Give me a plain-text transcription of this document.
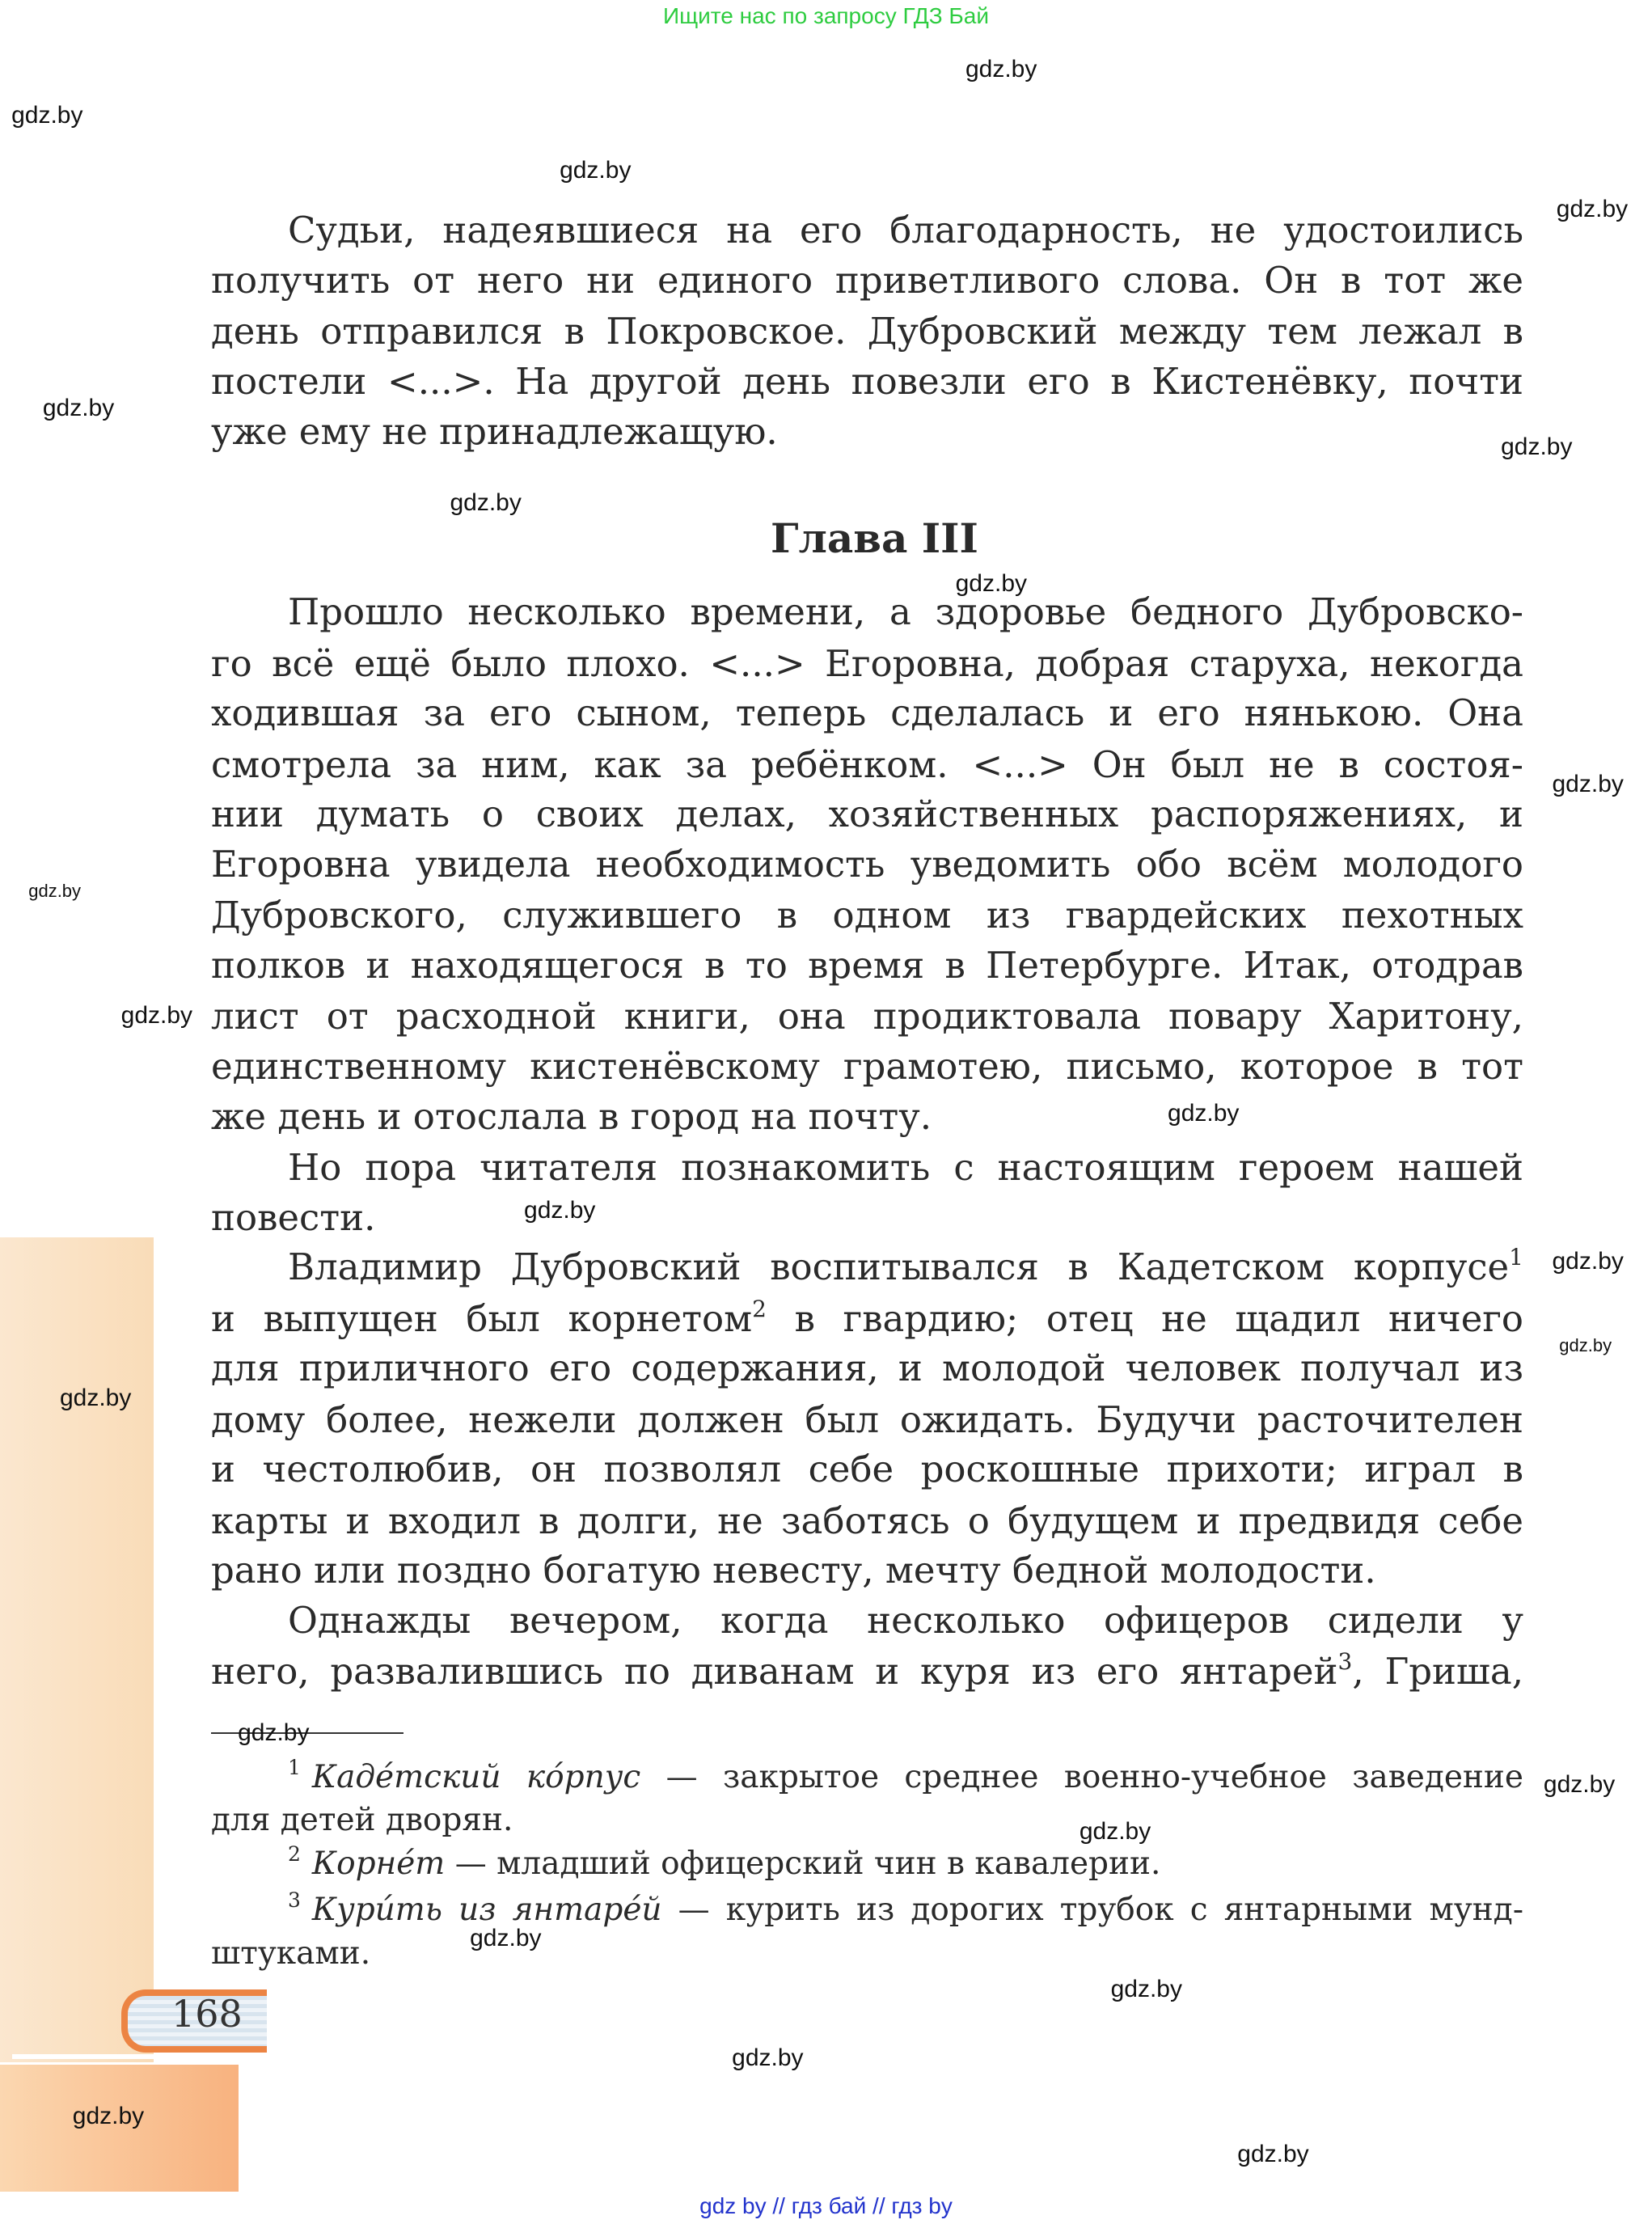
168
Ищите нас по запросу ГДЗ Бай
gdz by // гдз бай // гдз by
Глава III
Судьи, надеявшиеся на его благодарность, не удостоились
получить от него ни единого приветливого слова. Он в тот же
день отправился в Покровское. Дубровский между тем лежал в
постели <...>. На другой день повезли его в Кистенёвку, почти
уже ему не принадлежащую.
Прошло несколько времени, а здоровье бедного Дубровско-
го всё ещё было плохо. <...> Егоровна, добрая старуха, некогда
ходившая за его сыном, теперь сделалась и его нянькою. Она
смотрела за ним, как за ребёнком. <...> Он был не в состоя-
нии думать о своих делах, хозяйственных распоряжениях, и
Егоровна увидела необходимость уведомить обо всём молодого
Дубровского, служившего в одном из гвардейских пехотных
полков и находящегося в то время в Петербурге. Итак, отодрав
лист от расходной книги, она продиктовала повару Харитону,
единственному кистенёвскому грамотею, письмо, которое в тот
же день и отослала в город на почту.
Но пора читателя познакомить с настоящим героем нашей
повести.
Владимир Дубровский воспитывался в Кадетском корпусе$^1$
и выпущен был корнетом$^2$ в гвардию; отец не щадил ничего
для приличного его содержания, и молодой человек получал из
дому более, нежели должен был ожидать. Будучи расточителен
и честолюбив, он позволял себе роскошные прихоти; играл в
карты и входил в долги, не заботясь о будущем и предвидя себе
рано или поздно богатую невесту, мечту бедной молодости.
Однажды вечером, когда несколько офицеров сидели у
него, развалившись по диванам и куря из его янтарей$^3$, Гриша,
$^1$ Каде́тский ко́рпус — закрытое среднее военно-учебное заведение
для детей дворян.
$^2$ Корне́т — младший офицерский чин в кавалерии.
$^3$ Кури́ть из янтаре́й — курить из дорогих трубок с янтарными мунд-
штуками.
gdz.by
gdz.by
gdz.by
gdz.by
gdz.by
gdz.by
gdz.by
gdz.by
gdz.by
gdz.by
gdz.by
gdz.by
gdz.by
gdz.by
gdz.by
gdz.by
gdz.by
gdz.by
gdz.by
gdz.by
gdz.by
gdz.by
gdz.by
gdz.by
